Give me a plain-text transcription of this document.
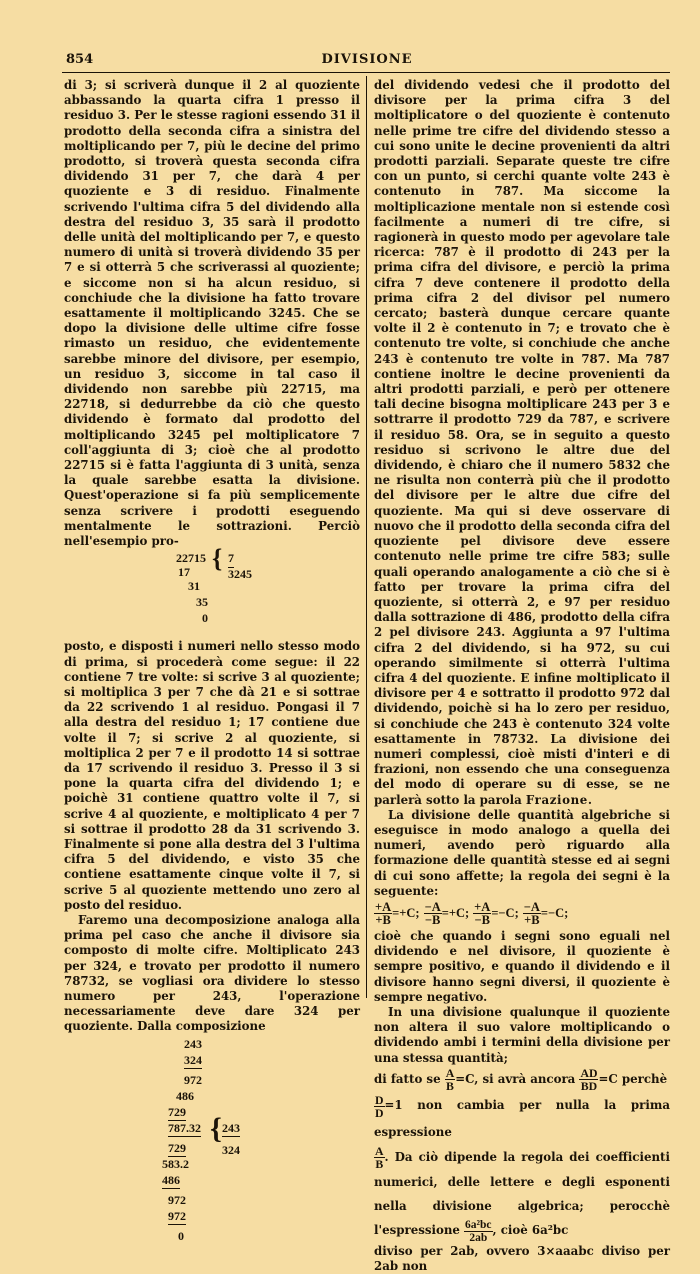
854	DIVISIONE

di 3; si scriverà dunque il 2 al quoziente abbassando la quarta cifra 1 presso il residuo 3. Per le stesse ragioni essendo 31 il prodotto della seconda cifra a sinistra del moltiplicando per 7, più le decine del primo prodotto, si troverà questa seconda cifra dividendo 31 per 7, che darà 4 per quoziente e 3 di residuo. Finalmente scrivendo l'ultima cifra 5 del dividendo alla destra del residuo 3, 35 sarà il prodotto delle unità del moltiplicando per 7, e questo numero di unità si troverà dividendo 35 per 7 e si otterrà 5 che scriverassi al quoziente; e siccome non si ha alcun residuo, si conchiude che la divisione ha fatto trovare esattamente il moltiplicando 3245. Che se dopo la divisione delle ultime cifre fosse rimasto un residuo, che evidentemente sarebbe minore del divisore, per esempio, un residuo 3, siccome in tal caso il dividendo non sarebbe più 22715, ma 22718, si dedurrebbe da ciò che questo dividendo è formato dal prodotto del moltiplicando 3245 pel moltiplicatore 7 coll'aggiunta di 3; cioè che al prodotto 22715 si è fatta l'aggiunta di 3 unità, senza la quale sarebbe esatta la divisione. Quest'operazione si fa più semplicemente senza scrivere i prodotti eseguendo mentalmente le sottrazioni. Perciò nell'esempio pro-

22715 { 7
3245
17
31
35
0

posto, e disposti i numeri nello stesso modo di prima, si procederà come segue: il 22 contiene 7 tre volte: si scrive 3 al quoziente; si moltiplica 3 per 7 che dà 21 e si sottrae da 22 scrivendo 1 al residuo. Pongasi il 7 alla destra del residuo 1; 17 contiene due volte il 7; si scrive 2 al quoziente, si moltiplica 2 per 7 e il prodotto 14 si sottrae da 17 scrivendo il residuo 3. Presso il 3 si pone la quarta cifra del dividendo 1; e poichè 31 contiene quattro volte il 7, si scrive 4 al quoziente, e moltiplicato 4 per 7 si sottrae il prodotto 28 da 31 scrivendo 3. Finalmente si pone alla destra del 3 l'ultima cifra 5 del dividendo, e visto 35 che contiene esattamente cinque volte il 7, si scrive 5 al quoziente mettendo uno zero al posto del residuo.

Faremo una decomposizione analoga alla prima pel caso che anche il divisore sia composto di molte cifre. Moltiplicato 243 per 324, e trovato per prodotto il numero 78732, se vogliasi ora dividere lo stesso numero per 243, l'operazione necessariamente deve dare 324 per quoziente. Dalla composizione

243
324
972
486
729
787.32 { 243
324
729
583.2
486
972
972
0

del dividendo vedesi che il prodotto del divisore per la prima cifra 3 del moltiplicatore o del quoziente è contenuto nelle prime tre cifre del dividendo stesso a cui sono unite le decine provenienti da altri prodotti parziali. Separate queste tre cifre con un punto, si cerchi quante volte 243 è contenuto in 787. Ma siccome la moltiplicazione mentale non si estende così facilmente a numeri di tre cifre, si ragionerà in questo modo per agevolare tale ricerca: 787 è il prodotto di 243 per la prima cifra del divisore, e perciò la prima cifra 7 deve contenere il prodotto della prima cifra 2 del divisor pel numero cercato; basterà dunque cercare quante volte il 2 è contenuto in 7; e trovato che è contenuto tre volte, si conchiude che anche 243 è contenuto tre volte in 787. Ma 787 contiene inoltre le decine provenienti da altri prodotti parziali, e però per ottenere tali decine bisogna moltiplicare 243 per 3 e sottrarre il prodotto 729 da 787, e scrivere il residuo 58. Ora, se in seguito a questo residuo si scrivono le altre due del dividendo, è chiaro che il numero 5832 che ne risulta non conterrà più che il prodotto del divisore per le altre due cifre del quoziente. Ma qui si deve osservare di nuovo che il prodotto della seconda cifra del quoziente pel divisore deve essere contenuto nelle prime tre cifre 583; sulle quali operando analogamente a ciò che si è fatto per trovare la prima cifra del quoziente, si otterrà 2, e 97 per residuo dalla sottrazione di 486, prodotto della cifra 2 pel divisore 243. Aggiunta a 97 l'ultima cifra 2 del dividendo, si ha 972, su cui operando similmente si otterrà l'ultima cifra 4 del quoziente. E infine moltiplicato il divisore per 4 e sottratto il prodotto 972 dal dividendo, poichè si ha lo zero per residuo, si conchiude che 243 è contenuto 324 volte esattamente in 78732. La divisione dei numeri complessi, cioè misti d'interi e di frazioni, non essendo che una conseguenza del modo di operare su di esse, se ne parlerà sotto la parola Frazione.

La divisione delle quantità algebriche si eseguisce in modo analogo a quella dei numeri, avendo però riguardo alla formazione delle quantità stesse ed ai segni di cui sono affette; la regola dei segni è la seguente:

$\frac{+A}{+B} =+C$; $\frac{-A}{-B} =+C$; $\frac{+A}{-B} =-C$; $\frac{-A}{+B} =-C$;

cioè che quando i segni sono eguali nel dividendo e nel divisore, il quoziente è sempre positivo, e quando il dividendo e il divisore hanno segni diversi, il quoziente è sempre negativo.

In una divisione qualunque il quoziente non altera il suo valore moltiplicando o dividendo ambi i termini della divisione per una stessa quantità;

di fatto se $\frac{A}{B} =C$, si avrà ancora $\frac{AD}{BD} =C$ perchè

$\frac{D}{D} =1$ non cambia per nulla la prima espressione

$\frac{A}{B}$ . Da ciò dipende la regola dei coefficienti numerici, delle lettere e degli esponenti nella divisione algebrica; perocchè l'espressione $\frac{\text{6a²bc}}{2ab}$ , cioè 6a²bc

diviso per 2ab, ovvero 3×aaabc diviso per 2ab non
